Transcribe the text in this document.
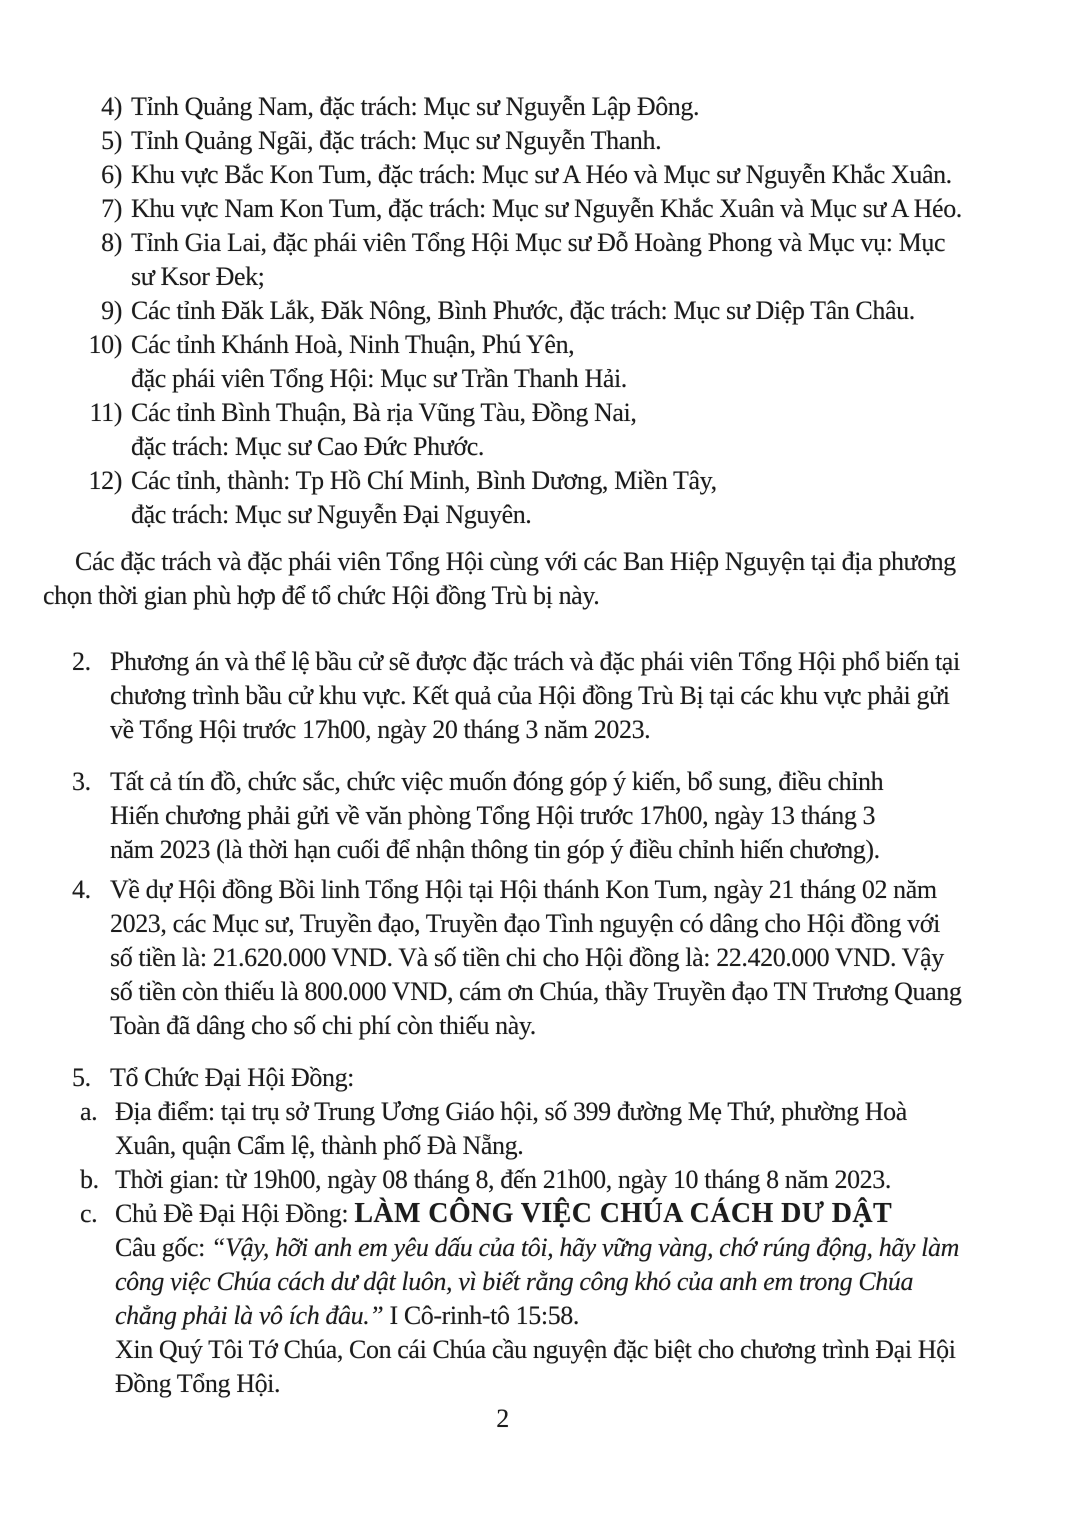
4) Tỉnh Quảng Nam, đặc trách: Mục sư Nguyễn Lập Đông.
5) Tỉnh Quảng Ngãi, đặc trách: Mục sư Nguyễn Thanh.
6) Khu vực Bắc Kon Tum, đặc trách: Mục sư A Héo và Mục sư Nguyễn Khắc Xuân.
7) Khu vực Nam Kon Tum, đặc trách: Mục sư Nguyễn Khắc Xuân và Mục sư A Héo.
8) Tỉnh Gia Lai, đặc phái viên Tổng Hội Mục sư Đỗ Hoàng Phong và Mục vụ: Mục
sư Ksor Đek;
9) Các tỉnh Đăk Lắk, Đăk Nông, Bình Phước, đặc trách: Mục sư Diệp Tân Châu.
10) Các tỉnh Khánh Hoà, Ninh Thuận, Phú Yên,
đặc phái viên Tổng Hội: Mục sư Trần Thanh Hải.
11) Các tỉnh Bình Thuận, Bà rịa Vũng Tàu, Đồng Nai,
đặc trách: Mục sư Cao Đức Phước.
12) Các tỉnh, thành: Tp Hồ Chí Minh, Bình Dương, Miền Tây,
đặc trách: Mục sư Nguyễn Đại Nguyên.
Các đặc trách và đặc phái viên Tổng Hội cùng với các Ban Hiệp Nguyện tại địa phương
chọn thời gian phù hợp để tổ chức Hội đồng Trù bị này.
2. Phương án và thể lệ bầu cử sẽ được đặc trách và đặc phái viên Tổng Hội phổ biến tại
chương trình bầu cử khu vực. Kết quả của Hội đồng Trù Bị tại các khu vực phải gửi
về Tổng Hội trước 17h00, ngày 20 tháng 3 năm 2023.
3. Tất cả tín đồ, chức sắc, chức việc muốn đóng góp ý kiến, bổ sung, điều chỉnh
Hiến chương phải gửi về văn phòng Tổng Hội trước 17h00, ngày 13 tháng 3
năm 2023 (là thời hạn cuối để nhận thông tin góp ý điều chỉnh hiến chương).
4. Về dự Hội đồng Bồi linh Tổng Hội tại Hội thánh Kon Tum, ngày 21 tháng 02 năm
2023, các Mục sư, Truyền đạo, Truyền đạo Tình nguyện có dâng cho Hội đồng với
số tiền là: 21.620.000 VND. Và số tiền chi cho Hội đồng là: 22.420.000 VND. Vậy
số tiền còn thiếu là 800.000 VND, cám ơn Chúa, thầy Truyền đạo TN Trương Quang
Toàn đã dâng cho số chi phí còn thiếu này.
5. Tổ Chức Đại Hội Đồng:
a. Địa điểm: tại trụ sở Trung Ương Giáo hội, số 399 đường Mẹ Thứ, phường Hoà
Xuân, quận Cẩm lệ, thành phố Đà Nẵng.
b. Thời gian: từ 19h00, ngày 08 tháng 8, đến 21h00, ngày 10 tháng 8 năm 2023.
c. Chủ Đề Đại Hội Đồng: LÀM CÔNG VIỆC CHÚA CÁCH DƯ DẬT
Câu gốc: “Vậy, hỡi anh em yêu dấu của tôi, hãy vững vàng, chớ rúng động, hãy làm
công việc Chúa cách dư dật luôn, vì biết rằng công khó của anh em trong Chúa
chẳng phải là vô ích đâu.” I Cô-rinh-tô 15:58.
Xin Quý Tôi Tớ Chúa, Con cái Chúa cầu nguyện đặc biệt cho chương trình Đại Hội
Đồng Tổng Hội.
2
